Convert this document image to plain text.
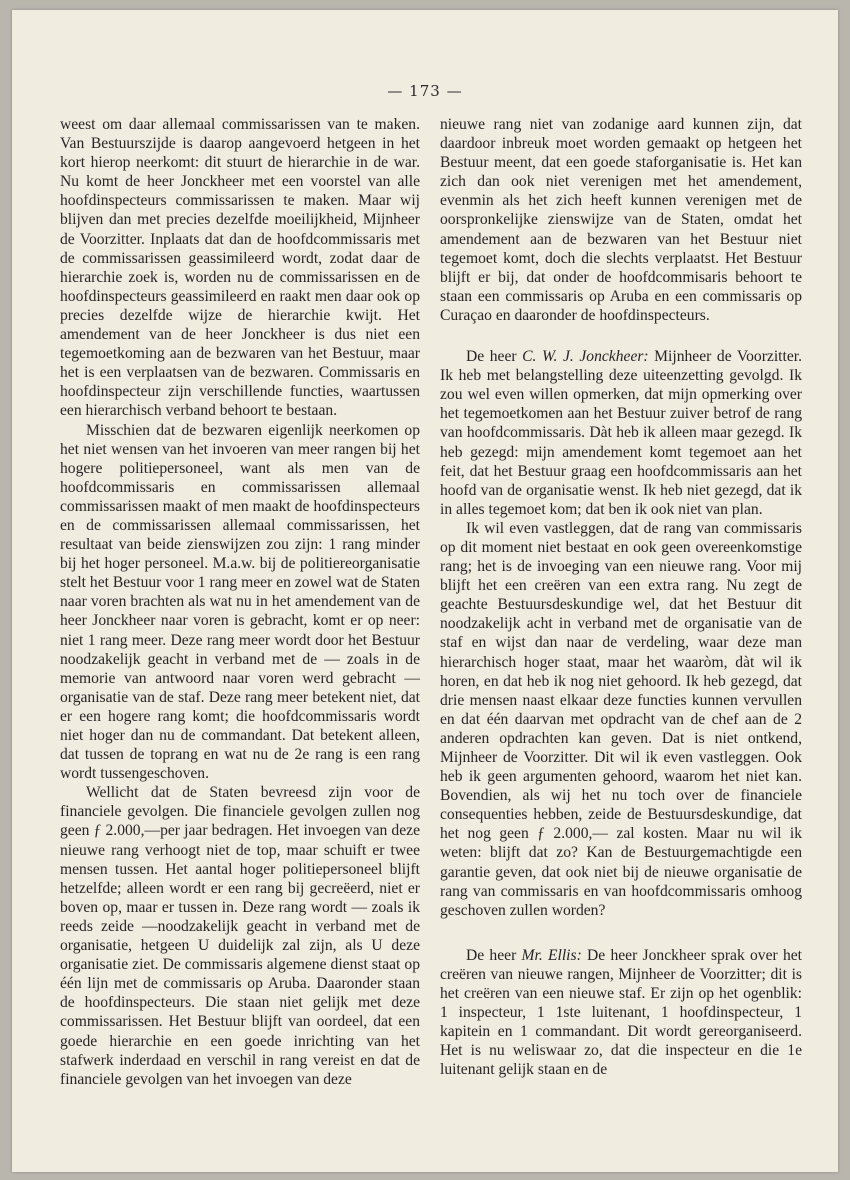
— 173 —

weest om daar allemaal commissarissen van te maken. Van Bestuurszijde is daarop aangevoerd hetgeen in het kort hierop neerkomt: dit stuurt de hierarchie in de war. Nu komt de heer Jonckheer met een voorstel van alle hoofdinspecteurs commissarissen te maken. Maar wij blijven dan met precies dezelfde moeilijkheid, Mijnheer de Voorzitter. Inplaats dat dan de hoofdcommissaris met de commissarissen geassimileerd wordt, zodat daar de hierarchie zoek is, worden nu de commissarissen en de hoofdinspecteurs geassimileerd en raakt men daar ook op precies dezelfde wijze de hierarchie kwijt. Het amendement van de heer Jonckheer is dus niet een tegemoetkoming aan de bezwaren van het Bestuur, maar het is een verplaatsen van de bezwaren. Commissaris en hoofdinspecteur zijn verschillende functies, waartussen een hierarchisch verband behoort te bestaan.

Misschien dat de bezwaren eigenlijk neerkomen op het niet wensen van het invoeren van meer rangen bij het hogere politiepersoneel, want als men van de hoofdcommissaris en commissarissen allemaal commissarissen maakt of men maakt de hoofdinspecteurs en de commissarissen allemaal commissarissen, het resultaat van beide zienswijzen zou zijn: 1 rang minder bij het hoger personeel. M.a.w. bij de politiereorganisatie stelt het Bestuur voor 1 rang meer en zowel wat de Staten naar voren brachten als wat nu in het amendement van de heer Jonckheer naar voren is gebracht, komt er op neer: niet 1 rang meer. Deze rang meer wordt door het Bestuur noodzakelijk geacht in verband met de — zoals in de memorie van antwoord naar voren werd gebracht — organisatie van de staf. Deze rang meer betekent niet, dat er een hogere rang komt; die hoofdcommissaris wordt niet hoger dan nu de commandant. Dat betekent alleen, dat tussen de toprang en wat nu de 2e rang is een rang wordt tussengeschoven.

Wellicht dat de Staten bevreesd zijn voor de financiele gevolgen. Die financiele gevolgen zullen nog geen ƒ 2.000,—per jaar bedragen. Het invoegen van deze nieuwe rang verhoogt niet de top, maar schuift er twee mensen tussen. Het aantal hoger politiepersoneel blijft hetzelfde; alleen wordt er een rang bij gecreëerd, niet er boven op, maar er tussen in. Deze rang wordt — zoals ik reeds zeide —noodzakelijk geacht in verband met de organisatie, hetgeen U duidelijk zal zijn, als U deze organisatie ziet. De commissaris algemene dienst staat op één lijn met de commissaris op Aruba. Daaronder staan de hoofdinspecteurs. Die staan niet gelijk met deze commissarissen. Het Bestuur blijft van oordeel, dat een goede hierarchie en een goede inrichting van het stafwerk inderdaad en verschil in rang vereist en dat de financiele gevolgen van het invoegen van deze

nieuwe rang niet van zodanige aard kunnen zijn, dat daardoor inbreuk moet worden gemaakt op hetgeen het Bestuur meent, dat een goede staforganisatie is. Het kan zich dan ook niet verenigen met het amendement, evenmin als het zich heeft kunnen verenigen met de oorspronkelijke zienswijze van de Staten, omdat het amendement aan de bezwaren van het Bestuur niet tegemoet komt, doch die slechts verplaatst. Het Bestuur blijft er bij, dat onder de hoofdcommisaris behoort te staan een commissaris op Aruba en een commissaris op Curaçao en daaronder de hoofdinspecteurs.

De heer C. W. J. Jonckheer: Mijnheer de Voorzitter. Ik heb met belangstelling deze uiteenzetting gevolgd. Ik zou wel even willen opmerken, dat mijn opmerking over het tegemoetkomen aan het Bestuur zuiver betrof de rang van hoofdcommissaris. Dàt heb ik alleen maar gezegd. Ik heb gezegd: mijn amendement komt tegemoet aan het feit, dat het Bestuur graag een hoofdcommissaris aan het hoofd van de organisatie wenst. Ik heb niet gezegd, dat ik in alles tegemoet kom; dat ben ik ook niet van plan.

Ik wil even vastleggen, dat de rang van commissaris op dit moment niet bestaat en ook geen overeenkomstige rang; het is de invoeging van een nieuwe rang. Voor mij blijft het een creëren van een extra rang. Nu zegt de geachte Bestuursdeskundige wel, dat het Bestuur dit noodzakelijk acht in verband met de organisatie van de staf en wijst dan naar de verdeling, waar deze man hierarchisch hoger staat, maar het waaròm, dàt wil ik horen, en dat heb ik nog niet gehoord. Ik heb gezegd, dat drie mensen naast elkaar deze functies kunnen vervullen en dat één daarvan met opdracht van de chef aan de 2 anderen opdrachten kan geven. Dat is niet ontkend, Mijnheer de Voorzitter. Dit wil ik even vastleggen. Ook heb ik geen argumenten gehoord, waarom het niet kan. Bovendien, als wij het nu toch over de financiele consequenties hebben, zeide de Bestuursdeskundige, dat het nog geen ƒ 2.000,— zal kosten. Maar nu wil ik weten: blijft dat zo? Kan de Bestuurgemachtigde een garantie geven, dat ook niet bij de nieuwe organisatie de rang van commissaris en van hoofdcommissaris omhoog geschoven zullen worden?

De heer Mr. Ellis: De heer Jonckheer sprak over het creëren van nieuwe rangen, Mijnheer de Voorzitter; dit is het creëren van een nieuwe staf. Er zijn op het ogenblik: 1 inspecteur, 1 1ste luitenant, 1 hoofdinspecteur, 1 kapitein en 1 commandant. Dit wordt gereorganiseerd. Het is nu weliswaar zo, dat die inspecteur en die 1e luitenant gelijk staan en de
